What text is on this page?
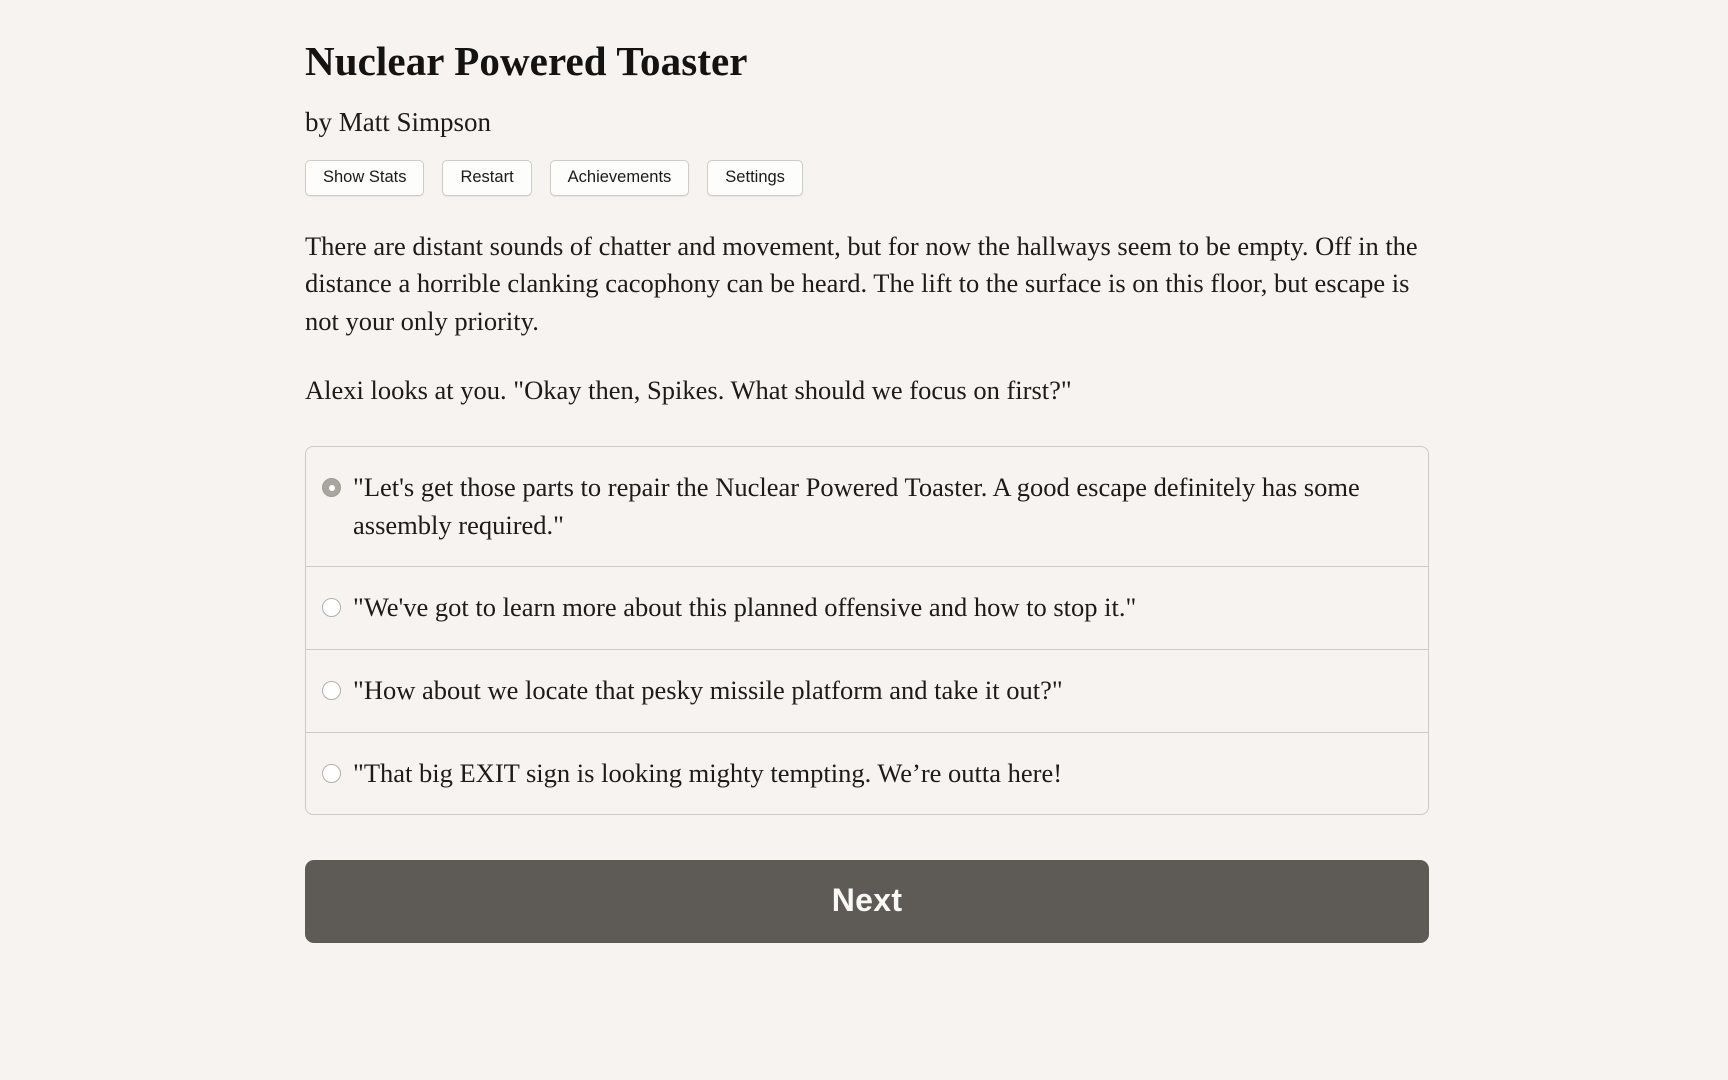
Nuclear Powered Toaster
by Matt Simpson
Show Stats	Restart	Achievements	Settings

There are distant sounds of chatter and movement, but for now the hallways seem to be empty. Off in the distance a horrible clanking cacophony can be heard. The lift to the surface is on this floor, but escape is not your only priority.

Alexi looks at you. "Okay then, Spikes. What should we focus on first?"

"Let's get those parts to repair the Nuclear Powered Toaster. A good escape definitely has some assembly required."
"We've got to learn more about this planned offensive and how to stop it."
"How about we locate that pesky missile platform and take it out?"
"That big EXIT sign is looking mighty tempting. We’re outta here!
Next
